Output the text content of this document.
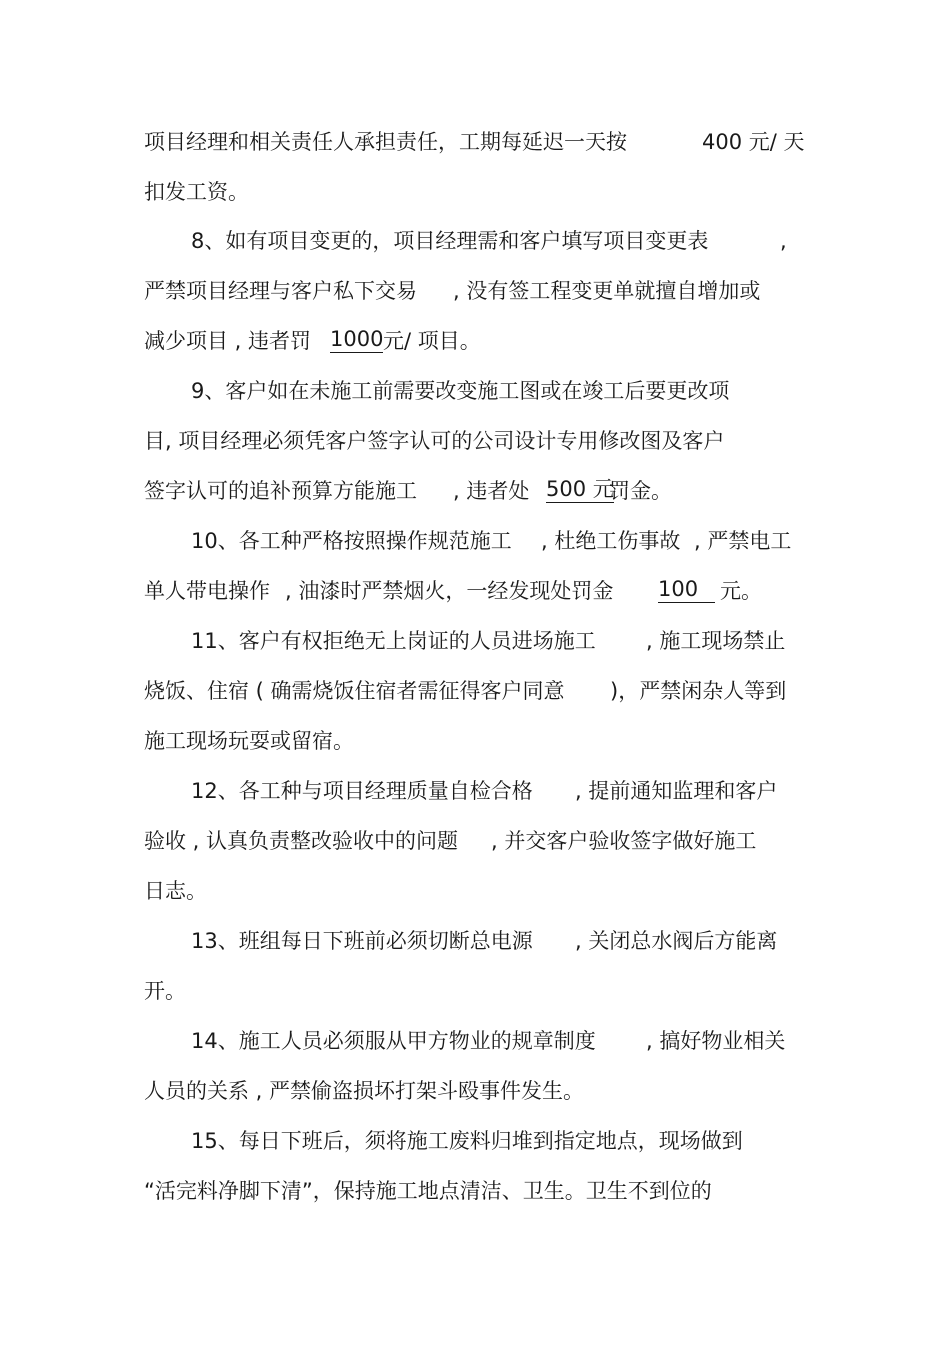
项目经理和相关责任人承担责任，工期每延迟一天按	400 元/ 天
扣发工资。
8、如有项目变更的，项目经理需和客户填写项目变更表	,
严禁项目经理与客户私下交易 , 没有签工程变更单就擅自增加或
减少项目 , 违者罚 1000 元/ 项目。
9、客户如在未施工前需要改变施工图或在竣工后要更改项
目, 项目经理必须凭客户签字认可的公司设计专用修改图及客户
签字认可的追补预算方能施工 , 违者处 500 元
罚金。
10、各工种严格按照操作规范施工 , 杜绝工伤事故 , 严禁电工
单人带电操作 , 油漆时严禁烟火，一经发现处罚金 100	元。
11、客户有权拒绝无上岗证的人员进场施工 , 施工现场禁止
烧饭、住宿 ( 确需烧饭住宿者需征得客户同意 )，严禁闲杂人等到
施工现场玩耍或留宿。
12、各工种与项目经理质量自检合格 , 提前通知监理和客户
验收 , 认真负责整改验收中的问题 , 并交客户验收签字做好施工
日志。
13、班组每日下班前必须切断总电源 , 关闭总水阀后方能离
开。
14、施工人员必须服从甲方物业的规章制度 , 搞好物业相关
人员的关系 , 严禁偷盗损坏打架斗殴事件发生。
15、每日下班后，须将施工废料归堆到指定地点，现场做到
“活完料净脚下清”，保持施工地点清洁、卫生。卫生不到位的
